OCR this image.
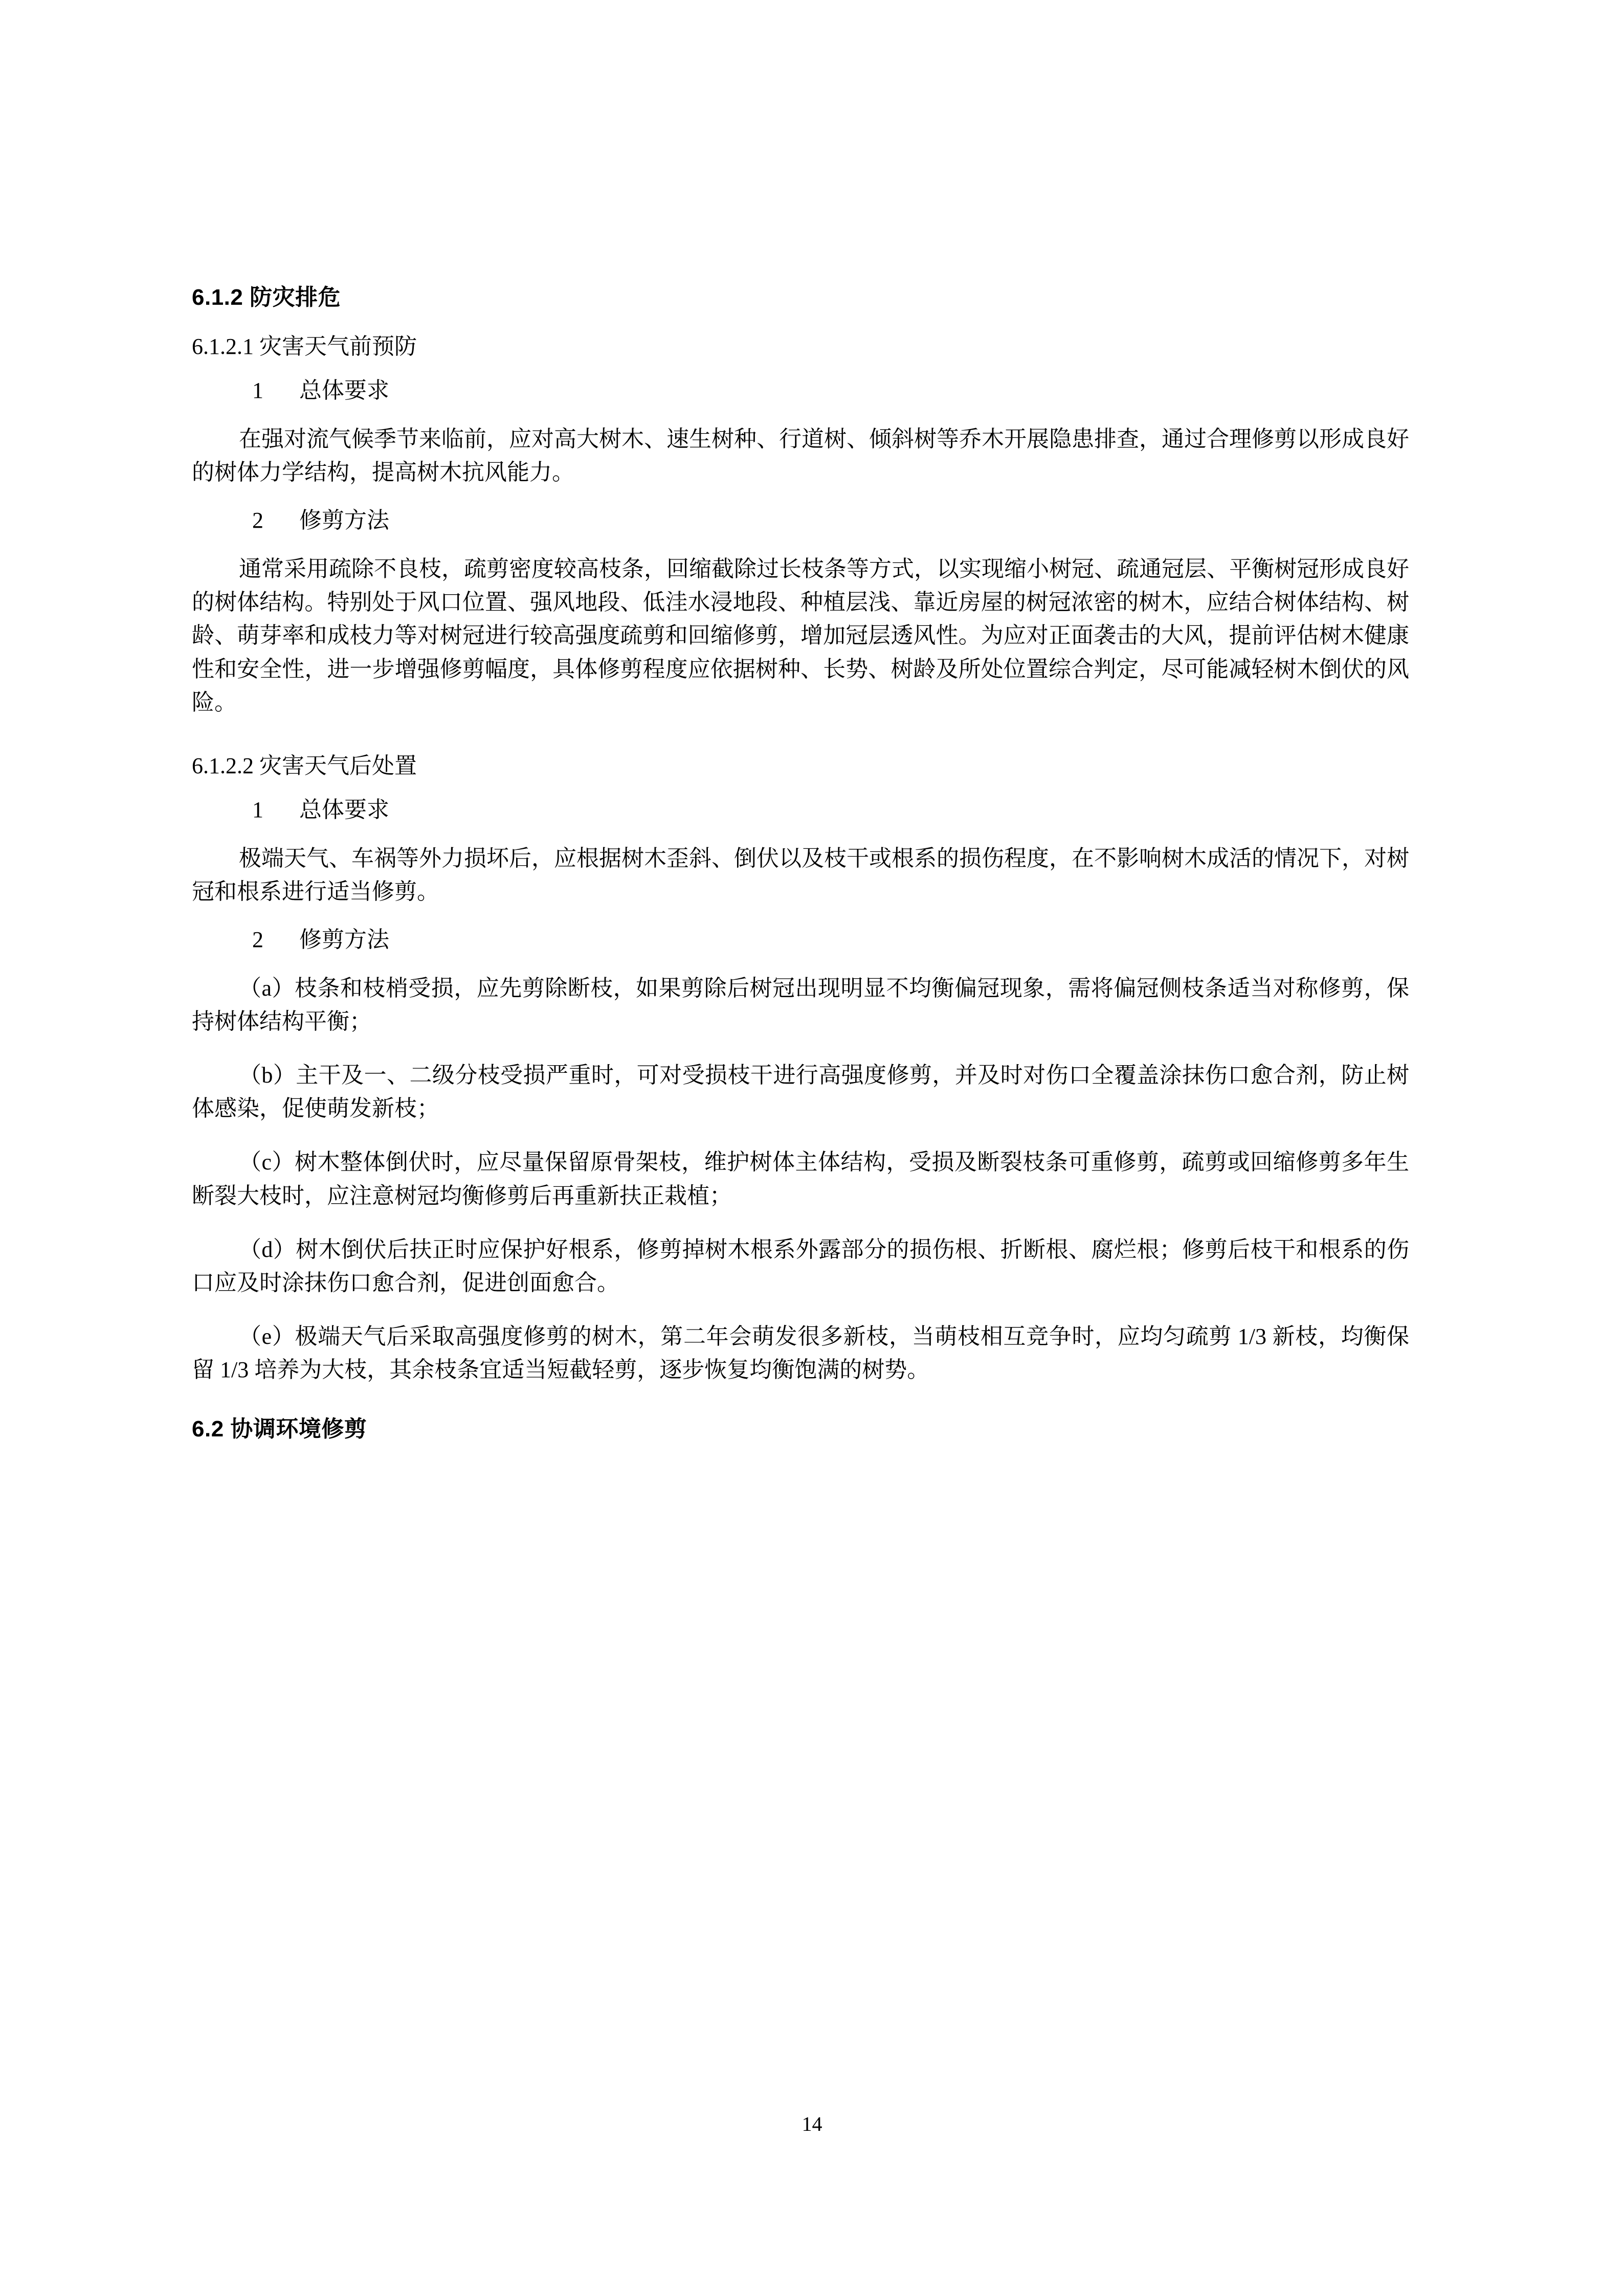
6.1.2 防灾排危
6.1.2.1 灾害天气前预防
1 总体要求

在强对流气候季节来临前，应对高大树木、速生树种、行道树、倾斜树等乔木开展隐患排查，通过合理修剪以形成良好的树体力学结构，提高树木抗风能力。

2 修剪方法

通常采用疏除不良枝，疏剪密度较高枝条，回缩截除过长枝条等方式，以实现缩小树冠、疏通冠层、平衡树冠形成良好的树体结构。特别处于风口位置、强风地段、低洼水浸地段、种植层浅、靠近房屋的树冠浓密的树木，应结合树体结构、树龄、萌芽率和成枝力等对树冠进行较高强度疏剪和回缩修剪，增加冠层透风性。为应对正面袭击的大风，提前评估树木健康性和安全性，进一步增强修剪幅度，具体修剪程度应依据树种、长势、树龄及所处位置综合判定，尽可能减轻树木倒伏的风险。

6.1.2.2 灾害天气后处置
1 总体要求

极端天气、车祸等外力损坏后，应根据树木歪斜、倒伏以及枝干或根系的损伤程度，在不影响树木成活的情况下，对树冠和根系进行适当修剪。

2 修剪方法

（a）枝条和枝梢受损，应先剪除断枝，如果剪除后树冠出现明显不均衡偏冠现象，需将偏冠侧枝条适当对称修剪，保持树体结构平衡；

（b）主干及一、二级分枝受损严重时，可对受损枝干进行高强度修剪，并及时对伤口全覆盖涂抹伤口愈合剂，防止树体感染，促使萌发新枝；

（c）树木整体倒伏时，应尽量保留原骨架枝，维护树体主体结构，受损及断裂枝条可重修剪，疏剪或回缩修剪多年生断裂大枝时，应注意树冠均衡修剪后再重新扶正栽植；

（d）树木倒伏后扶正时应保护好根系，修剪掉树木根系外露部分的损伤根、折断根、腐烂根；修剪后枝干和根系的伤口应及时涂抹伤口愈合剂，促进创面愈合。

（e）极端天气后采取高强度修剪的树木，第二年会萌发很多新枝，当萌枝相互竞争时，应均匀疏剪 1/3 新枝，均衡保留 1/3 培养为大枝，其余枝条宜适当短截轻剪，逐步恢复均衡饱满的树势。

6.2 协调环境修剪
14
